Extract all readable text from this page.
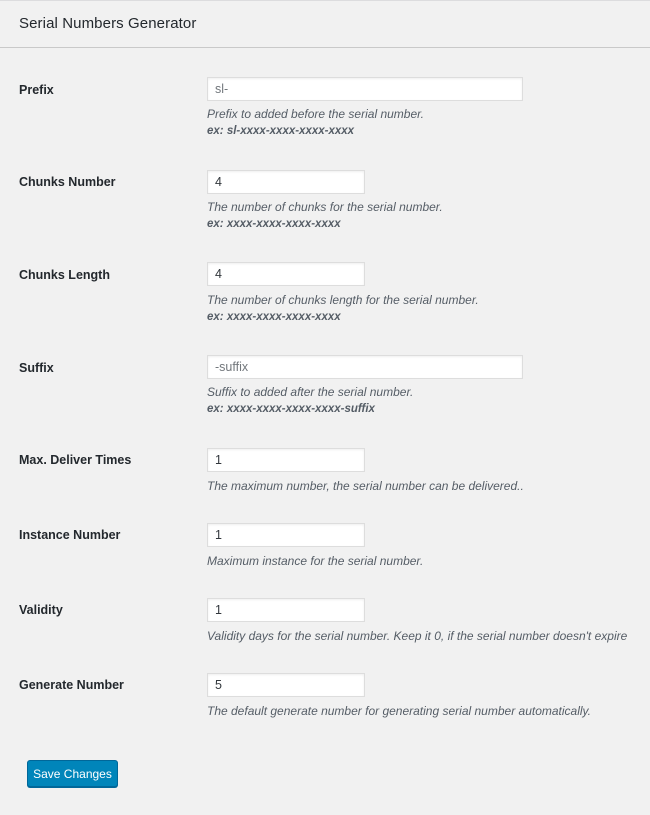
Serial Numbers Generator
Prefix
sl-
Prefix to added before the serial number.
ex: sl-xxxx-xxxx-xxxx-xxxx
Chunks Number
4
The number of chunks for the serial number.
ex: xxxx-xxxx-xxxx-xxxx
Chunks Length
4
The number of chunks length for the serial number.
ex: xxxx-xxxx-xxxx-xxxx
Suffix
-suffix
Suffix to added after the serial number.
ex: xxxx-xxxx-xxxx-xxxx-suffix
Max. Deliver Times
1
The maximum number, the serial number can be delivered..
Instance Number
1
Maximum instance for the serial number.
Validity
1
Validity days for the serial number. Keep it 0, if the serial number doesn't expire
Generate Number
5
The default generate number for generating serial number automatically.
Save Changes
